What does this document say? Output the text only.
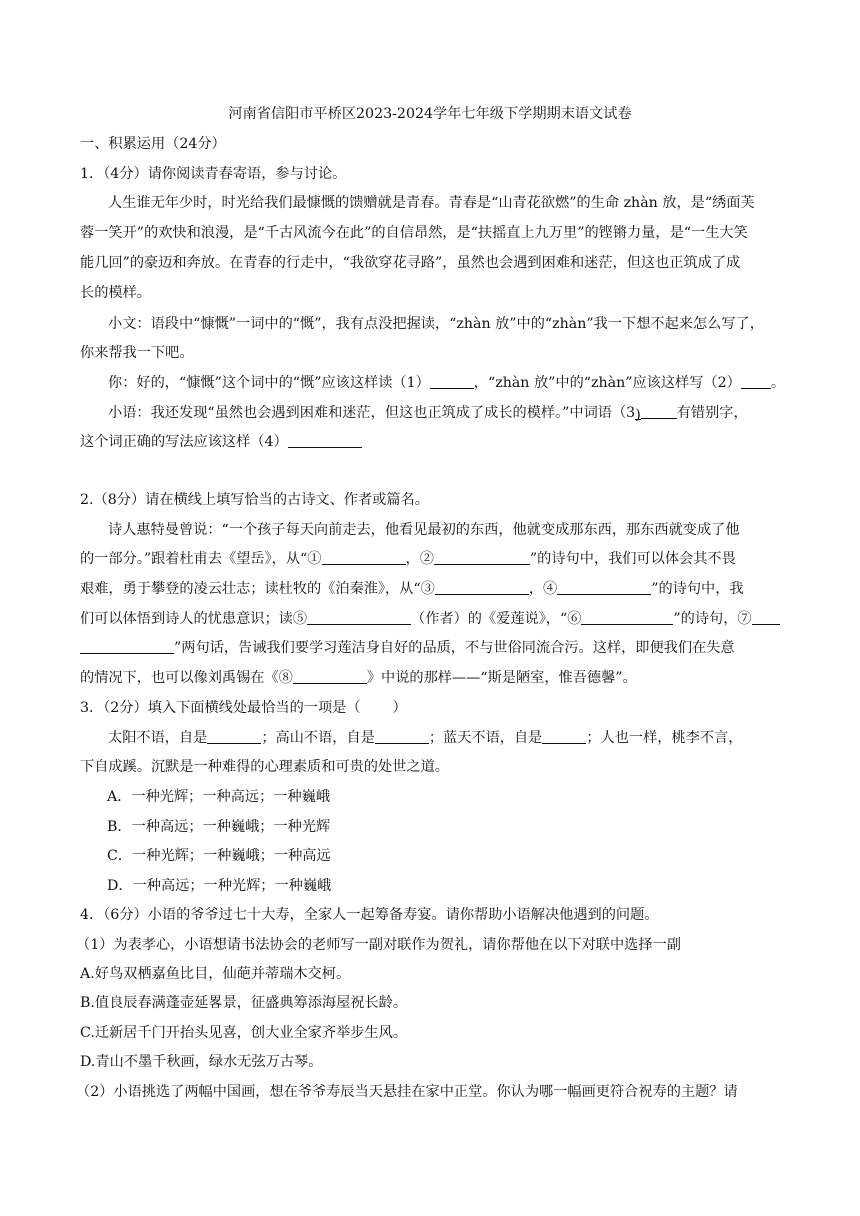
河南省信阳市平桥区2023-2024学年七年级下学期期末语文试卷
一、积累运用（24分）
1．（4分）请你阅读青春寄语，参与讨论。
人生谁无年少时，时光给我们最慷慨的馈赠就是青春。青春是“山青花欲燃”的生命 zhàn 放，是“绣面芙
蓉一笑开”的欢快和浪漫，是“千古风流今在此”的自信昂然，是“扶摇直上九万里”的铿锵力量，是“一生大笑
能几回”的豪迈和奔放。在青春的行走中，“我欲穿花寻路”，虽然也会遇到困难和迷茫，但这也正筑成了成
长的模样。
小文：语段中“慷慨”一词中的“慨”，我有点没把握读，“zhàn 放”中的“zhàn”我一下想不起来怎么写了，
你来帮我一下吧。
你：好的，“慷慨”这个词中的“慨”应该这样读（1）	，“zhàn 放”中的“zhàn”应该这样写（2） 。
小语：我还发现“虽然也会遇到困难和迷茫，但这也正筑成了成长的模样。”中词语（3)	有错别字，
这个词正确的写法应该这样（4）
2.（8分）请在横线上填写恰当的古诗文、作者或篇名。
诗人惠特曼曾说：“一个孩子每天向前走去，他看见最初的东西，他就变成那东西，那东西就变成了他
的一部分。”跟着杜甫去《望岳》，从“①	，②	”的诗句中，我们可以体会其不畏
艰难，勇于攀登的凌云壮志；读杜牧的《泊秦淮》，从“③	，④	”的诗句中，我
们可以体悟到诗人的忧患意识；读⑤	（作者）的《爱莲说》，“⑥	”的诗句，⑦
”两句话，告诫我们要学习莲洁身自好的品质，不与世俗同流合污。这样，即便我们在失意
的情况下，也可以像刘禹锡在《⑧	》中说的那样——“斯是陋室，惟吾德馨”。
3．（2分）填入下面横线处最恰当的一项是（ ）
太阳不语，自是	；高山不语，自是	；蓝天不语，自是	；人也一样，桃李不言，
下自成蹊。沉默是一种难得的心理素质和可贵的处世之道。
A．一种光辉；一种高远；一种巍峨
B．一种高远；一种巍峨；一种光辉
C．一种光辉；一种巍峨；一种高远
D．一种高远；一种光辉；一种巍峨
4．（6分）小语的爷爷过七十大寿，全家人一起筹备寿宴。请你帮助小语解决他遇到的问题。
（1）为表孝心，小语想请书法协会的老师写一副对联作为贺礼，请你帮他在以下对联中选择一副
A.好鸟双栖嘉鱼比目，仙葩并蒂瑞木交柯。
B.值良辰春满蓬壶延畧景，征盛典筹添海屋祝长龄。
C.迁新居千门开抬头见喜，创大业全家齐举步生风。
D.青山不墨千秋画，绿水无弦万古琴。
（2）小语挑选了两幅中国画，想在爷爷寿辰当天悬挂在家中正堂。你认为哪一幅画更符合祝寿的主题？请
